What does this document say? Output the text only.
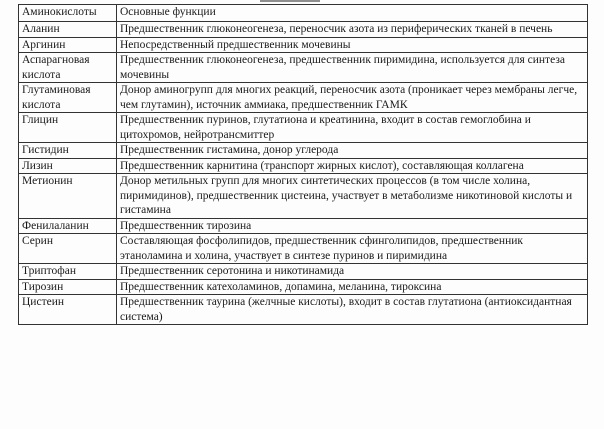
Аминокислоты	Основные функции
Аланин	Предшественник глюконеогенеза, переносчик азота из периферических тканей в печень
Аргинин	Непосредственный предшественник мочевины
Аспарагновая кислота	Предшественник глюконеогенеза, предшественник пиримидина, используется для синтеза мочевины
Глутаминовая кислота	Донор аминогрупп для многих реакций, переносчик азота (проникает через мембраны легче, чем глутамин), источник аммиака, предшественник ГАМК
Глицин	Предшественник пуринов, глутатиона и креатинина, входит в состав гемоглобина и цитохромов, нейротрансмиттер
Гистидин	Предшественник гистамина, донор углерода
Лизин	Предшественник карнитина (транспорт жирных кислот), составляющая коллагена
Метионин	Донор метильных групп для многих синтетических процессов (в том числе холина, пиримидинов), предшественник цистеина, участвует в метаболизме никотиновой кислоты и гистамина
Фенилаланин	Предшественник тирозина
Серин	Составляющая фосфолипидов, предшественник сфинголипидов, предшественник этаноламина и холина, участвует в синтезе пуринов и пиримидина
Триптофан	Предшественник серотонина и никотинамида
Тирозин	Предшественник катехоламинов, допамина, меланина, тироксина
Цистеин	Предшественник таурина (желчные кислоты), входит в состав глутатиона (антиоксидантная система)
